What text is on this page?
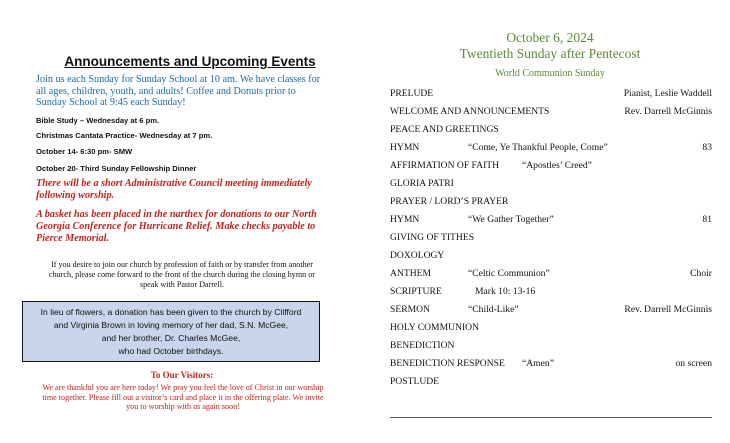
Announcements and Upcoming Events
Join us each Sunday for Sunday School at 10 am. We have classes for all ages, children, youth, and adults! Coffee and Donuts prior to Sunday School at 9:45 each Sunday!
Bible Study – Wednesday at 6 pm.
Christmas Cantata Practice- Wednesday at 7 pm.
October 14- 6:30 pm- SMW
October 20- Third Sunday Fellowship Dinner
There will be a short Administrative Council meeting immediately following worship.
A basket has been placed in the narthex for donations to our North Georgia Conference for Hurricane Relief. Make checks payable to Pierce Memorial.
If you desire to join our church by profession of faith or by transfer from another church, please come forward to the front of the church during the closing hymn or speak with Pastor Darrell.
In lieu of flowers, a donation has been given to the church by Clifford
and Virginia Brown in loving memory of her dad, S.N. McGee,
and her brother, Dr. Charles McGee,
who had October birthdays.
To Our Visitors:
We are thankful you are here today! We pray you feel the love of Christ in our worship time together. Please fill out a visitor’s card and place it in the offering plate. We invite you to worship with us again soon!
October 6, 2024
Twentieth Sunday after Pentecost
World Communion Sunday
PRELUDE	Pianist, Leslie Waddell
WELCOME AND ANNOUNCEMENTS	Rev. Darrell McGinnis
PEACE AND GREETINGS
HYMN	“Come, Ye Thankful People, Come”	83
AFFIRMATION OF FAITH “Apostles’ Creed”
GLORIA PATRI
PRAYER / LORD’S PRAYER
HYMN	“We Gather Together”	81
GIVING OF TITHES
DOXOLOGY
ANTHEM	“Celtic Communion”	Choir
SCRIPTURE	Mark 10: 13-16
SERMON	“Child-Like”	Rev. Darrell McGinnis
HOLY COMMUNION
BENEDICTION
BENEDICTION RESPONSE “Amen”	on screen
POSTLUDE
